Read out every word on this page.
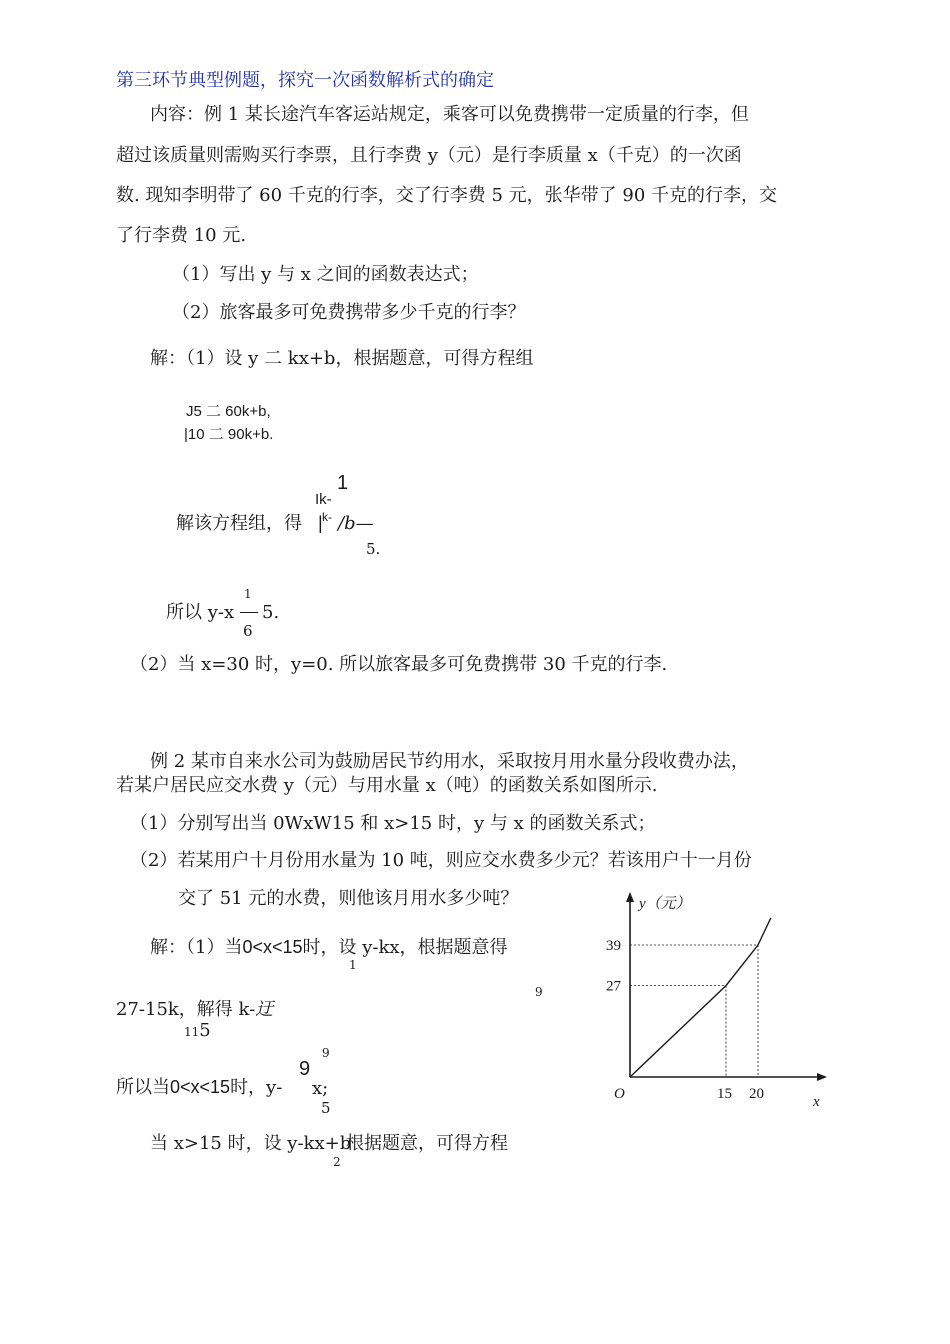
第三环节典型例题，探究一次函数解析式的确定
内容：例 1 某长途汽车客运站规定，乘客可以免费携带一定质量的行李，但
超过该质量则需购买行李票，且行李费 y（元）是行李质量 x（千克）的一次函
数. 现知李明带了 60 千克的行李，交了行李费 5 元，张华带了 90 千克的行李，交
了行李费 10 元.
（1）写出 y 与 x 之间的函数表达式；
（2）旅客最多可免费携带多少千克的行李？
解：（1）设 y 二 kx+b，根据题意，可得方程组
J5 二 60k+b,
|10 二 90k+b.
1
Ik-
解该方程组，得 k-
| /b—
5.
1
所以 y-x 5.
6
（2）当 x=30 时，y=0. 所以旅客最多可免费携带 30 千克的行李.
例 2 某市自来水公司为鼓励居民节约用水，采取按月用水量分段收费办法，
若某户居民应交水费 y（元）与用水量 x（吨）的函数关系如图所示.
（1）分别写出当 0WxW15 和 x>15 时，y 与 x 的函数关系式；
（2）若某用户十月份用水量为 10 吨，则应交水费多少元？若该用户十一月份
交了 51 元的水费，则他该月用水多少吨？
解：（1）当0<x<15时，设 y-kx，根据题意得
1
9
27-15k，解得 k-迂
115
9
9
所以当0<x<15时，y- x;
5
当 x>15 时，设 y-kx+b
2
根据题意，可得方程
y（元）
x
O	15 20
27
39
